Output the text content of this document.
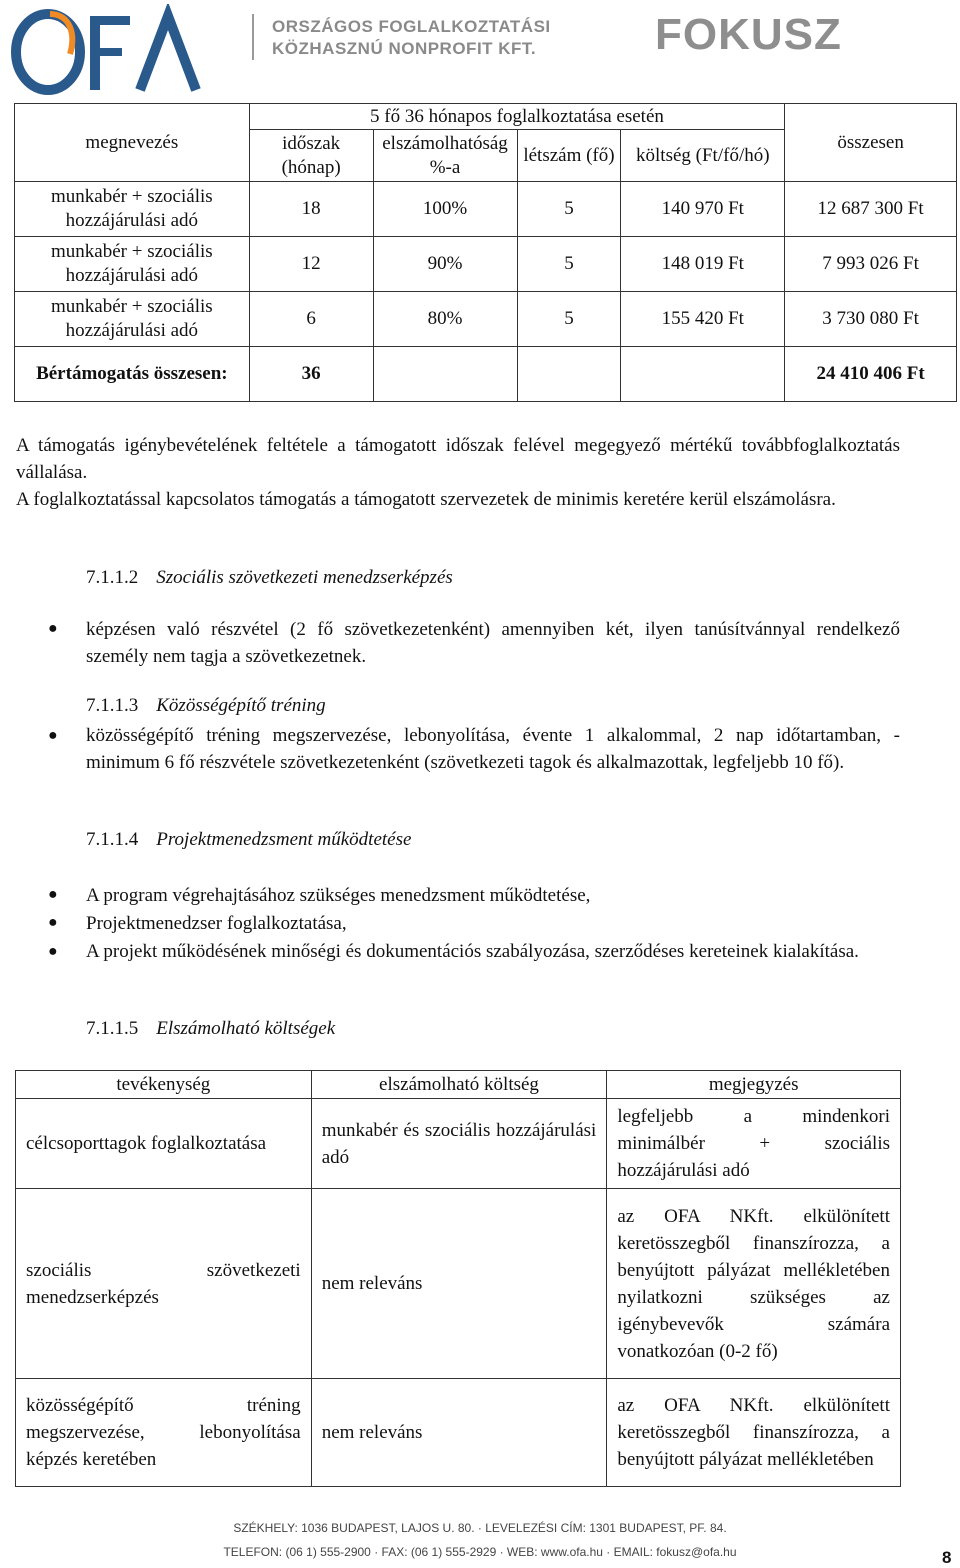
ORSZÁGOS FOGLALKOZTATÁSI
KÖZHASZNÚ NONPROFIT KFT.	FOKUSZ
megnevezés	5 fő 36 hónapos foglalkoztatása esetén				összesen
	időszak (hónap)	elszámolhatóság %-a	létszám (fő)	költség (Ft/fő/hó)	
munkabér + szociális hozzájárulási adó	18	100%	5	140 970 Ft	12 687 300 Ft
munkabér + szociális hozzájárulási adó	12	90%	5	148 019 Ft	7 993 026 Ft
munkabér + szociális hozzájárulási adó	6	80%	5	155 420 Ft	3 730 080 Ft
Bértámogatás összesen:	36				24 410 406 Ft
A támogatás igénybevételének feltétele a támogatott időszak felével megegyező mértékű továbbfoglalkoztatás vállalása.
A foglalkoztatással kapcsolatos támogatás a támogatott szervezetek de minimis keretére kerül elszámolásra.
7.1.1.2 Szociális szövetkezeti menedzserképzés
● képzésen való részvétel (2 fő szövetkezetenként) amennyiben két, ilyen tanúsítvánnyal rendelkező személy nem tagja a szövetkezetnek.
7.1.1.3 Közösségépítő tréning
● közösségépítő tréning megszervezése, lebonyolítása, évente 1 alkalommal, 2 nap időtartamban, - minimum 6 fő részvétele szövetkezetenként (szövetkezeti tagok és alkalmazottak, legfeljebb 10 fő).
7.1.1.4 Projektmenedzsment működtetése
● A program végrehajtásához szükséges menedzsment működtetése,
● Projektmenedzser foglalkoztatása,
● A projekt működésének minőségi és dokumentációs szabályozása, szerződéses kereteinek kialakítása.
7.1.1.5 Elszámolható költségek
tevékenység	elszámolható költség	megjegyzés
célcsoporttagok foglalkoztatása	munkabér és szociális hozzájárulási adó	legfeljebb a mindenkori minimálbér + szociális hozzájárulási adó
szociális szövetkezeti menedzserképzés	nem releváns	az OFA NKft. elkülönített keretösszegből finanszírozza, a benyújtott pályázat mellékletében nyilatkozni szükséges az igénybevevők számára vonatkozóan (0-2 fő)
közösségépítő tréning megszervezése, lebonyolítása képzés keretében	nem releváns	az OFA NKft. elkülönített keretösszegből finanszírozza, a benyújtott pályázat mellékletében
SZÉKHELY: 1036 BUDAPEST, LAJOS U. 80. · LEVELEZÉSI CÍM: 1301 BUDAPEST, PF. 84.
TELEFON: (06 1) 555-2900 · FAX: (06 1) 555-2929 · WEB: www.ofa.hu · EMAIL: fokusz@ofa.hu	8
